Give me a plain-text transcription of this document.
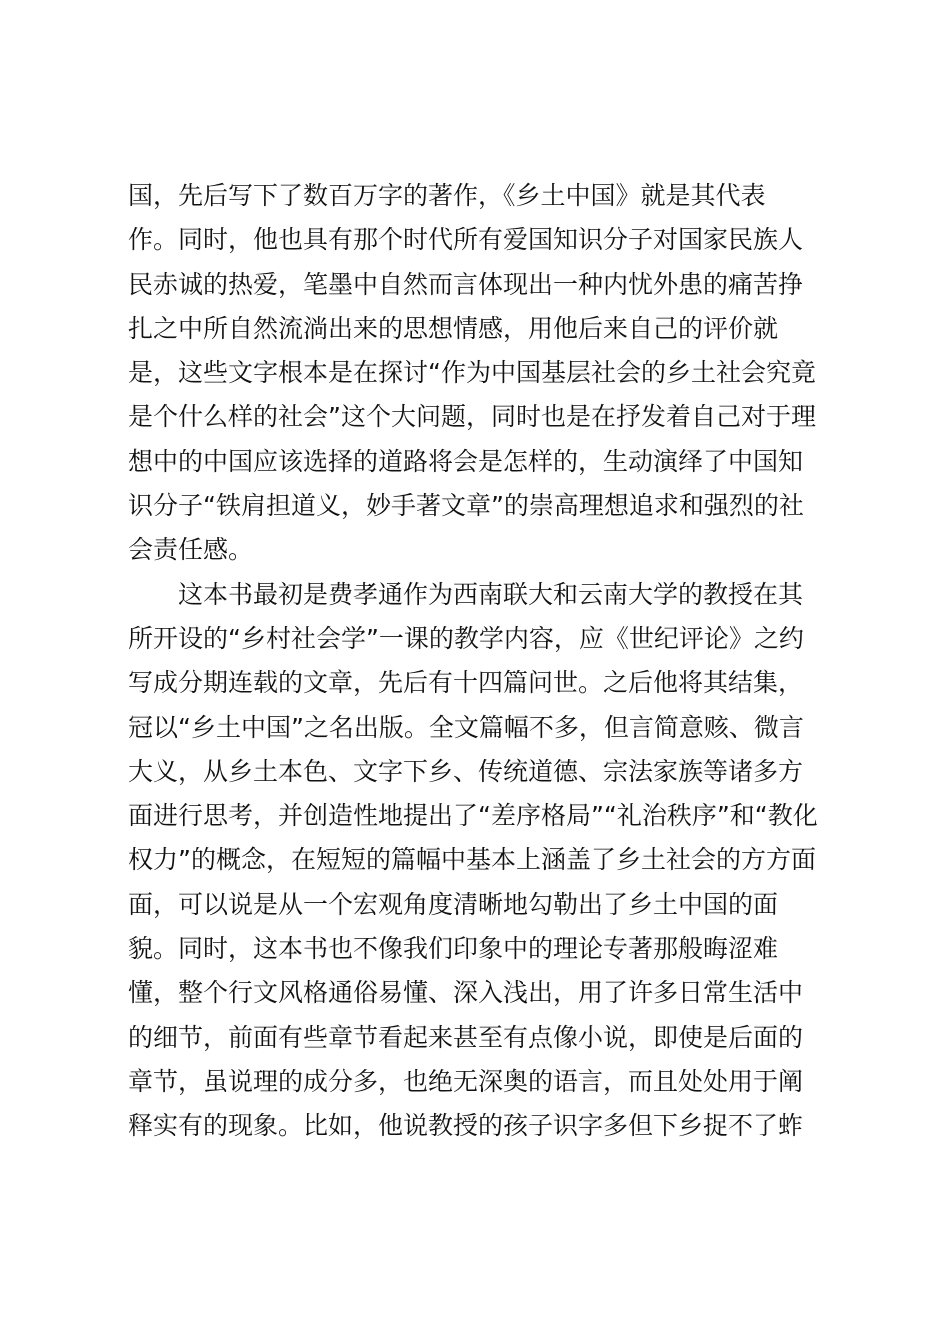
国，先后写下了数百万字的著作，《乡土中国》就是其代表
作。同时，他也具有那个时代所有爱国知识分子对国家民族人
民赤诚的热爱，笔墨中自然而言体现出一种内忧外患的痛苦挣
扎之中所自然流淌出来的思想情感，用他后来自己的评价就
是，这些文字根本是在探讨“作为中国基层社会的乡土社会究竟
是个什么样的社会”这个大问题，同时也是在抒发着自己对于理
想中的中国应该选择的道路将会是怎样的，生动演绎了中国知
识分子“铁肩担道义，妙手著文章”的崇高理想追求和强烈的社
会责任感。
　　这本书最初是费孝通作为西南联大和云南大学的教授在其
所开设的“乡村社会学”一课的教学内容，应《世纪评论》之约
写成分期连载的文章，先后有十四篇问世。之后他将其结集，
冠以“乡土中国”之名出版。全文篇幅不多，但言简意赅、微言
大义，从乡土本色、文字下乡、传统道德、宗法家族等诸多方
面进行思考，并创造性地提出了“差序格局”“礼治秩序”和“教化
权力”的概念，在短短的篇幅中基本上涵盖了乡土社会的方方面
面，可以说是从一个宏观角度清晰地勾勒出了乡土中国的面
貌。同时，这本书也不像我们印象中的理论专著那般晦涩难
懂，整个行文风格通俗易懂、深入浅出，用了许多日常生活中
的细节，前面有些章节看起来甚至有点像小说，即使是后面的
章节，虽说理的成分多，也绝无深奥的语言，而且处处用于阐
释实有的现象。比如，他说教授的孩子识字多但下乡捉不了蚱
